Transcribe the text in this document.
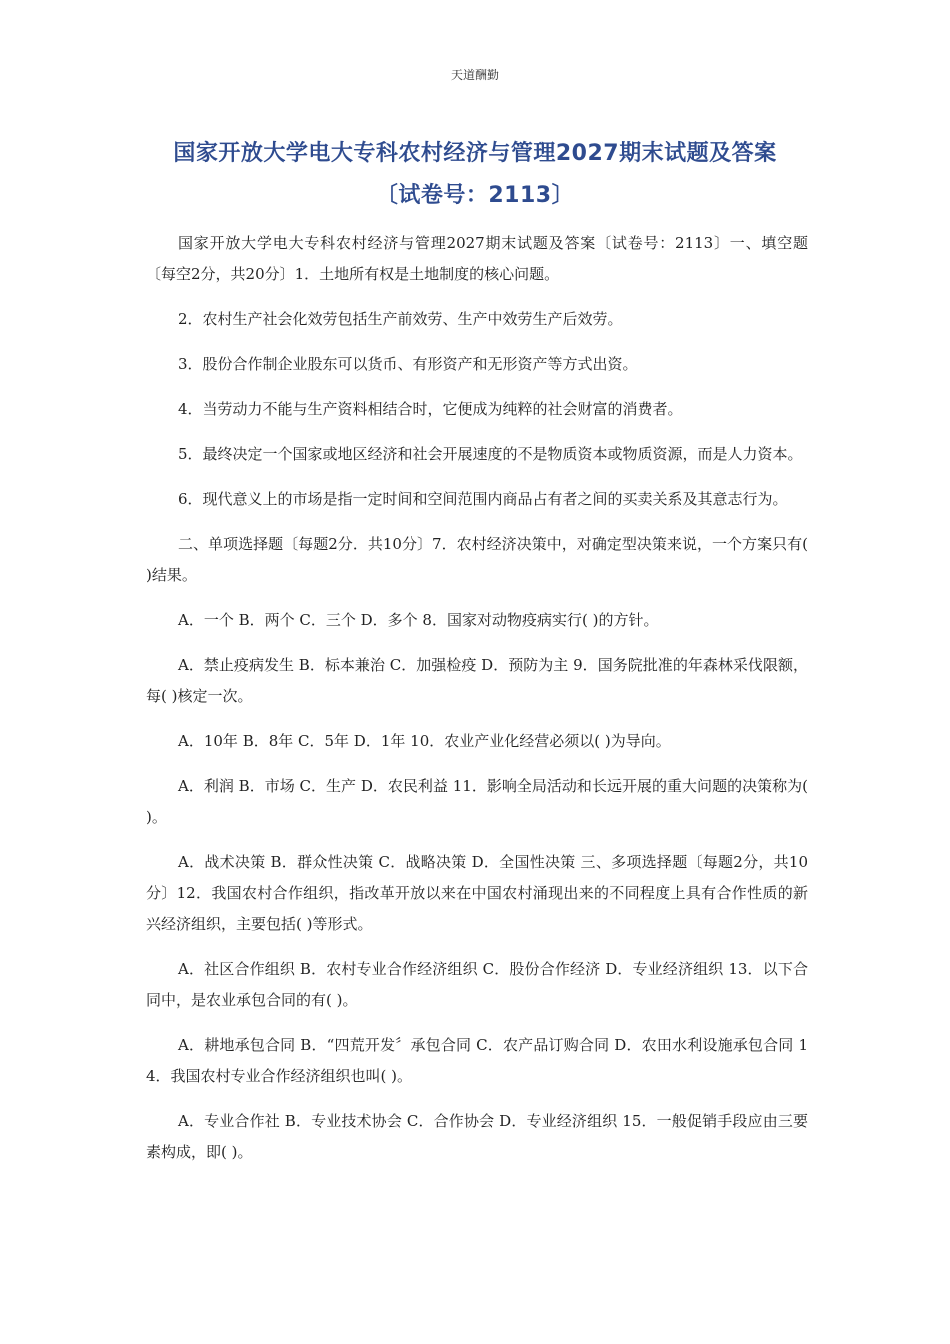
天道酬勤
国家开放大学电大专科农村经济与管理2027期末试题及答案
〔试卷号：2113〕

国家开放大学电大专科农村经济与管理2027期末试题及答案〔试卷号：2113〕一、填空题〔每空2分，共20分〕1．土地所有权是土地制度的核心问题。

2．农村生产社会化效劳包括生产前效劳、生产中效劳生产后效劳。

3．股份合作制企业股东可以货币、有形资产和无形资产等方式出资。

4．当劳动力不能与生产资料相结合时，它便成为纯粹的社会财富的消费者。

5．最终决定一个国家或地区经济和社会开展速度的不是物质资本或物质资源，而是人力资本。

6．现代意义上的市场是指一定时间和空间范围内商品占有者之间的买卖关系及其意志行为。

二、单项选择题〔每题2分．共10分〕7．农村经济决策中，对确定型决策来说，一个方案只有( )结果。

A．一个 B．两个 C．三个 D．多个 8．国家对动物疫病实行( )的方针。

A．禁止疫病发生 B．标本兼治 C．加强检疫 D．预防为主 9．国务院批准的年森林采伐限额，每( )核定一次。

A．10年 B．8年 C．5年 D．1年 10．农业产业化经营必须以( )为导向。

A．利润 B．市场 C．生产 D．农民利益 11．影响全局活动和长远开展的重大问题的决策称为( )。

A．战术决策 B．群众性决策 C．战略决策 D．全国性决策 三、多项选择题〔每题2分，共10分〕12．我国农村合作组织，指改革开放以来在中国农村涌现出来的不同程度上具有合作性质的新兴经济组织，主要包括( )等形式。

A．社区合作组织 B．农村专业合作经济组织 C．股份合作经济 D．专业经济组织 13．以下合同中，是农业承包合同的有( )。

A．耕地承包合同 B．“四荒开发〞承包合同 C．农产品订购合同 D．农田水利设施承包合同 14．我国农村专业合作经济组织也叫( )。

A．专业合作社 B．专业技术协会 C．合作协会 D．专业经济组织 15．一般促销手段应由三要素构成，即( )。
